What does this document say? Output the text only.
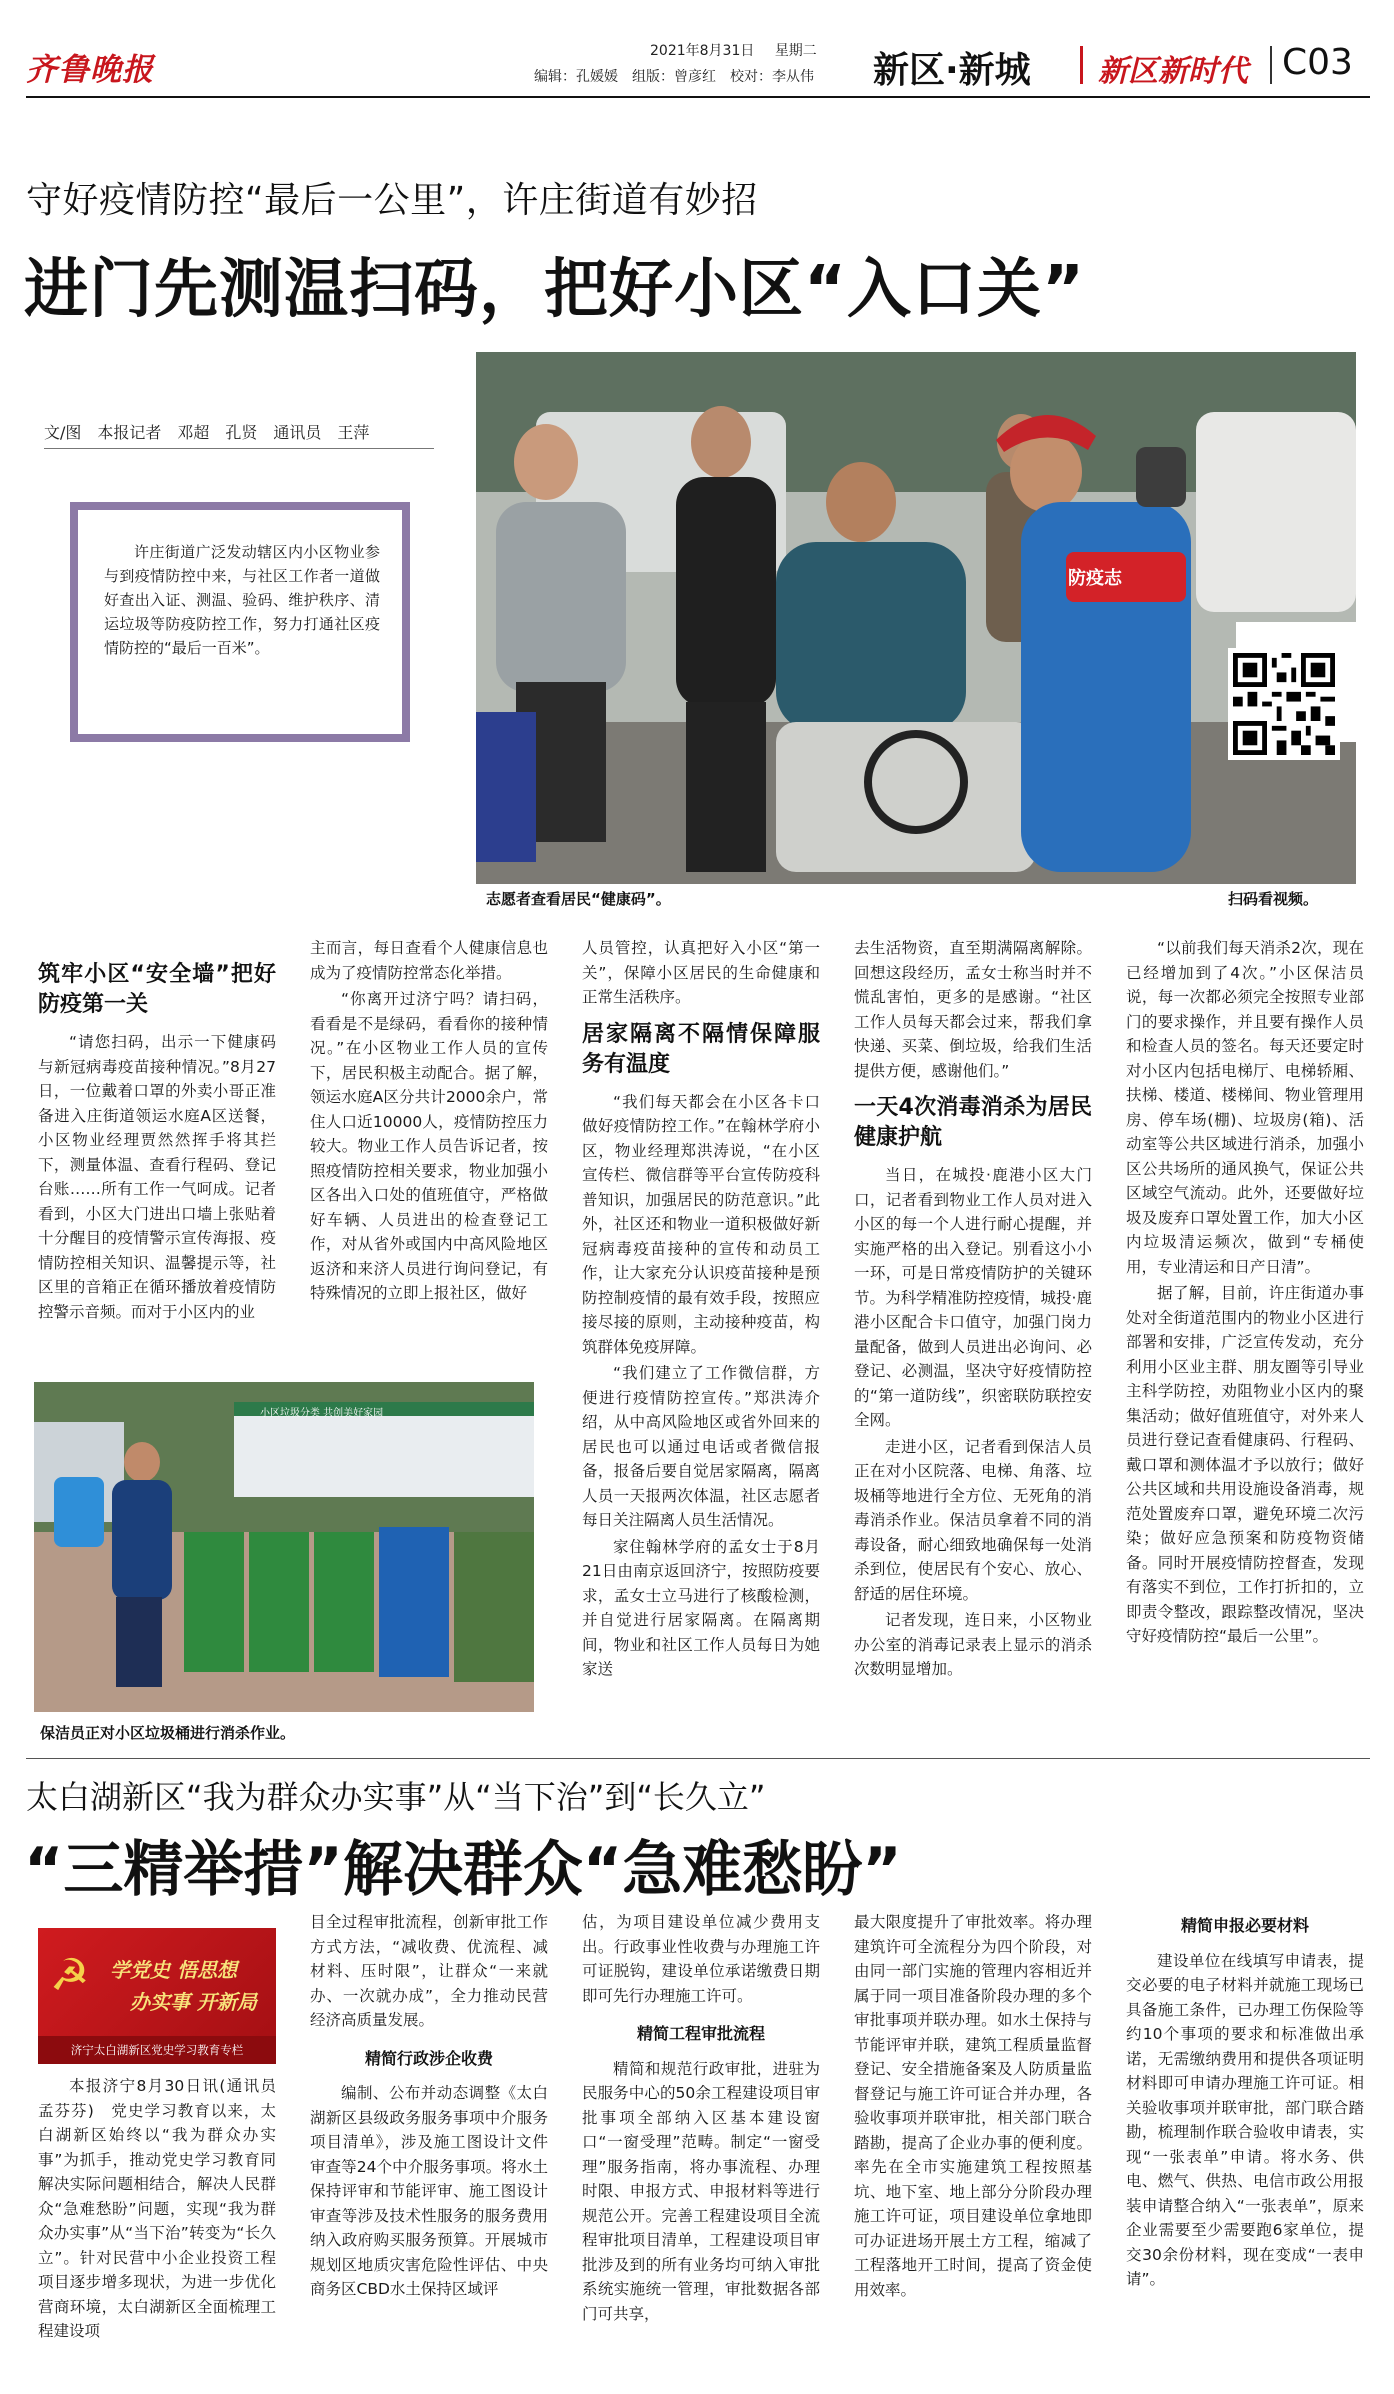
齐鲁晚报
2021年8月31日 星期二
编辑：孔媛媛　组版：曾彦红　校对：李从伟 新区·新城 新区新时代 C03
守好疫情防控“最后一公里”，许庄街道有妙招
进门先测温扫码，把好小区“入口关”
文/图　本报记者　邓超　孔贤　通讯员　王萍
许庄街道广泛发动辖区内小区物业参与到疫情防控中来，与社区工作者一道做好查出入证、测温、验码、维护秩序、清运垃圾等防疫防控工作，努力打通社区疫情防控的“最后一百米”。
防疫志
志愿者查看居民“健康码”。	扫码看视频。
筑牢小区“安全墙”把好防疫第一关

“请您扫码，出示一下健康码与新冠病毒疫苗接种情况。”8月27日，一位戴着口罩的外卖小哥正准备进入庄街道领运水庭A区送餐，小区物业经理贾然然挥手将其拦下，测量体温、查看行程码、登记台账……所有工作一气呵成。记者看到，小区大门进出口墙上张贴着十分醒目的疫情警示宣传海报、疫情防控相关知识、温馨提示等，社区里的音箱正在循环播放着疫情防控警示音频。而对于小区内的业

主而言，每日查看个人健康信息也成为了疫情防控常态化举措。

“你离开过济宁吗？请扫码，看看是不是绿码，看看你的接种情况。”在小区物业工作人员的宣传下，居民积极主动配合。据了解，领运水庭A区分共计2000余户，常住人口近10000人，疫情防控压力较大。物业工作人员告诉记者，按照疫情防控相关要求，物业加强小区各出入口处的值班值守，严格做好车辆、人员进出的检查登记工作，对从省外或国内中高风险地区返济和来济人员进行询问登记，有特殊情况的立即上报社区，做好

人员管控，认真把好入小区“第一关”，保障小区居民的生命健康和正常生活秩序。

居家隔离不隔情保障服务有温度

“我们每天都会在小区各卡口做好疫情防控工作。”在翰林学府小区，物业经理郑洪涛说，“在小区宣传栏、微信群等平台宣传防疫科普知识，加强居民的防范意识。”此外，社区还和物业一道积极做好新冠病毒疫苗接种的宣传和动员工作，让大家充分认识疫苗接种是预防控制疫情的最有效手段，按照应接尽接的原则，主动接种疫苗，构筑群体免疫屏障。

“我们建立了工作微信群，方便进行疫情防控宣传。”郑洪涛介绍，从中高风险地区或省外回来的居民也可以通过电话或者微信报备，报备后要自觉居家隔离，隔离人员一天报两次体温，社区志愿者每日关注隔离人员生活情况。

家住翰林学府的孟女士于8月21日由南京返回济宁，按照防疫要求，孟女士立马进行了核酸检测，并自觉进行居家隔离。在隔离期间，物业和社区工作人员每日为她家送

去生活物资，直至期满隔离解除。回想这段经历，孟女士称当时并不慌乱害怕，更多的是感谢。“社区工作人员每天都会过来，帮我们拿快递、买菜、倒垃圾，给我们生活提供方便，感谢他们。”

一天4次消毒消杀为居民健康护航

当日，在城投·鹿港小区大门口，记者看到物业工作人员对进入小区的每一个人进行耐心提醒，并实施严格的出入登记。别看这小小一环，可是日常疫情防护的关键环节。为科学精准防控疫情，城投·鹿港小区配合卡口值守，加强门岗力量配备，做到人员进出必询问、必登记、必测温，坚决守好疫情防控的“第一道防线”，织密联防联控安全网。

走进小区，记者看到保洁人员正在对小区院落、电梯、角落、垃圾桶等地进行全方位、无死角的消毒消杀作业。保洁员拿着不同的消毒设备，耐心细致地确保每一处消杀到位，使居民有个安心、放心、舒适的居住环境。

记者发现，连日来，小区物业办公室的消毒记录表上显示的消杀次数明显增加。

“以前我们每天消杀2次，现在已经增加到了4次。”小区保洁员说，每一次都必须完全按照专业部门的要求操作，并且要有操作人员和检查人员的签名。每天还要定时对小区内包括电梯厅、电梯轿厢、扶梯、楼道、楼梯间、物业管理用房、停车场(棚)、垃圾房(箱)、活动室等公共区域进行消杀，加强小区公共场所的通风换气，保证公共区域空气流动。此外，还要做好垃圾及废弃口罩处置工作，加大小区内垃圾清运频次，做到“专桶使用，专业清运和日产日清”。

据了解，目前，许庄街道办事处对全街道范围内的物业小区进行部署和安排，广泛宣传发动，充分利用小区业主群、朋友圈等引导业主科学防控，劝阻物业小区内的聚集活动；做好值班值守，对外来人员进行登记查看健康码、行程码、戴口罩和测体温才予以放行；做好公共区域和共用设施设备消毒，规范处置废弃口罩，避免环境二次污染；做好应急预案和防疫物资储备。同时开展疫情防控督查，发现有落实不到位，工作打折扣的，立即责令整改，跟踪整改情况，坚决守好疫情防控“最后一公里”。

小区垃圾分类 共创美好家园
保洁员正对小区垃圾桶进行消杀作业。
太白湖新区“我为群众办实事”从“当下治”到“长久立”
“三精举措”解决群众“急难愁盼”
☭ 学党史 悟思想
办实事 开新局
济宁太白湖新区党史学习教育专栏

本报济宁8月30日讯(通讯员　孟芬芬)　党史学习教育以来，太白湖新区始终以“我为群众办实事”为抓手，推动党史学习教育同解决实际问题相结合，解决人民群众“急难愁盼”问题，实现“我为群众办实事”从“当下治”转变为“长久立”。针对民营中小企业投资工程项目逐步增多现状，为进一步优化营商环境，太白湖新区全面梳理工程建设项

目全过程审批流程，创新审批工作方式方法，“减收费、优流程、减材料、压时限”，让群众“一来就办、一次就办成”，全力推动民营经济高质量发展。

精简行政涉企收费

编制、公布并动态调整《太白湖新区县级政务服务事项中介服务项目清单》，涉及施工图设计文件审查等24个中介服务事项。将水土保持评审和节能评审、施工图设计审查等涉及技术性服务的服务费用纳入政府购买服务预算。开展城市规划区地质灾害危险性评估、中央商务区CBD水土保持区域评

估，为项目建设单位减少费用支出。行政事业性收费与办理施工许可证脱钩，建设单位承诺缴费日期即可先行办理施工许可。

精简工程审批流程

精简和规范行政审批，进驻为民服务中心的50余工程建设项目审批事项全部纳入区基本建设窗口“一窗受理”范畴。制定“一窗受理”服务指南，将办事流程、办理时限、申报方式、申报材料等进行规范公开。完善工程建设项目全流程审批项目清单，工程建设项目审批涉及到的所有业务均可纳入审批系统实施统一管理，审批数据各部门可共享，

最大限度提升了审批效率。将办理建筑许可全流程分为四个阶段，对由同一部门实施的管理内容相近并属于同一项目准备阶段办理的多个审批事项并联办理。如水土保持与节能评审并联，建筑工程质量监督登记、安全措施备案及人防质量监督登记与施工许可证合并办理，各验收事项并联审批，相关部门联合踏勘，提高了企业办事的便利度。率先在全市实施建筑工程按照基坑、地下室、地上部分分阶段办理施工许可证，项目建设单位拿地即可办证进场开展土方工程，缩减了工程落地开工时间，提高了资金使用效率。

精简申报必要材料

建设单位在线填写申请表，提交必要的电子材料并就施工现场已具备施工条件，已办理工伤保险等约10个事项的要求和标准做出承诺，无需缴纳费用和提供各项证明材料即可申请办理施工许可证。相关验收事项并联审批，部门联合踏勘，梳理制作联合验收申请表，实现“一张表单”申请。将水务、供电、燃气、供热、电信市政公用报装申请整合纳入“一张表单”，原来企业需要至少需要跑6家单位，提交30余份材料，现在变成“一表申请”。
